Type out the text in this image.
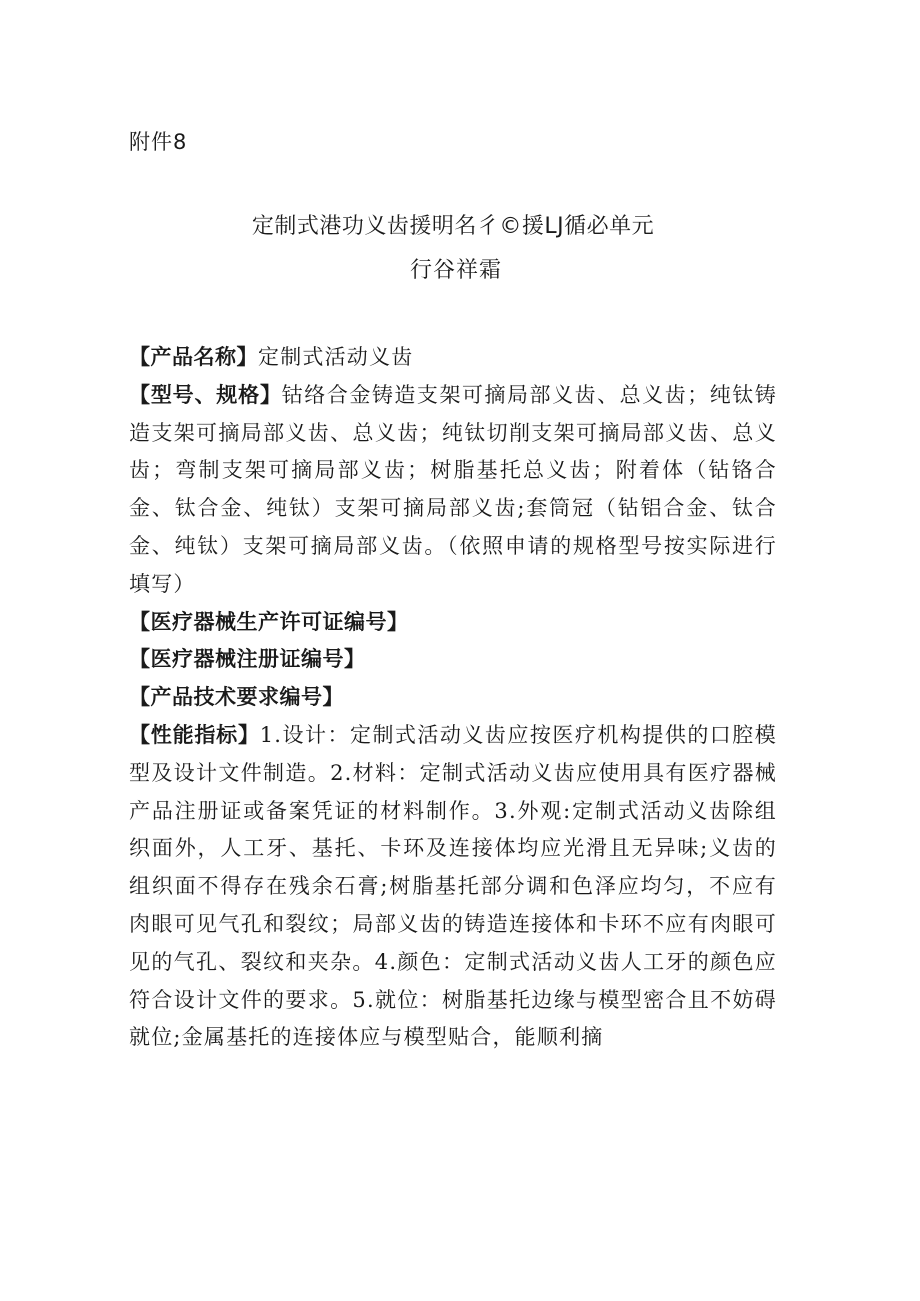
附件8
定制式港功义齿援明名彳©援LJ循必单元
行谷祥霜

【产品名称】定制式活动义齿

【型号、规格】钴络合金铸造支架可摘局部义齿、总义齿；纯钛铸造支架可摘局部义齿、总义齿；纯钛切削支架可摘局部义齿、总义齿；弯制支架可摘局部义齿；树脂基托总义齿；附着体（钻铬合金、钛合金、纯钛）支架可摘局部义齿;套筒冠（钻铝合金、钛合金、纯钛）支架可摘局部义齿。（依照申请的规格型号按实际进行填写）

【医疗器械生产许可证编号】

【医疗器械注册证编号】

【产品技术要求编号】

【性能指标】1.设计：定制式活动义齿应按医疗机构提供的口腔模型及设计文件制造。2.材料：定制式活动义齿应使用具有医疗器械产品注册证或备案凭证的材料制作。3.外观:定制式活动义齿除组织面外，人工牙、基托、卡环及连接体均应光滑且无异味;义齿的组织面不得存在残余石膏;树脂基托部分调和色泽应均匀，不应有肉眼可见气孔和裂纹；局部义齿的铸造连接体和卡环不应有肉眼可见的气孔、裂纹和夹杂。4.颜色：定制式活动义齿人工牙的颜色应符合设计文件的要求。5.就位：树脂基托边缘与模型密合且不妨碍就位;金属基托的连接体应与模型贴合，能顺利摘
